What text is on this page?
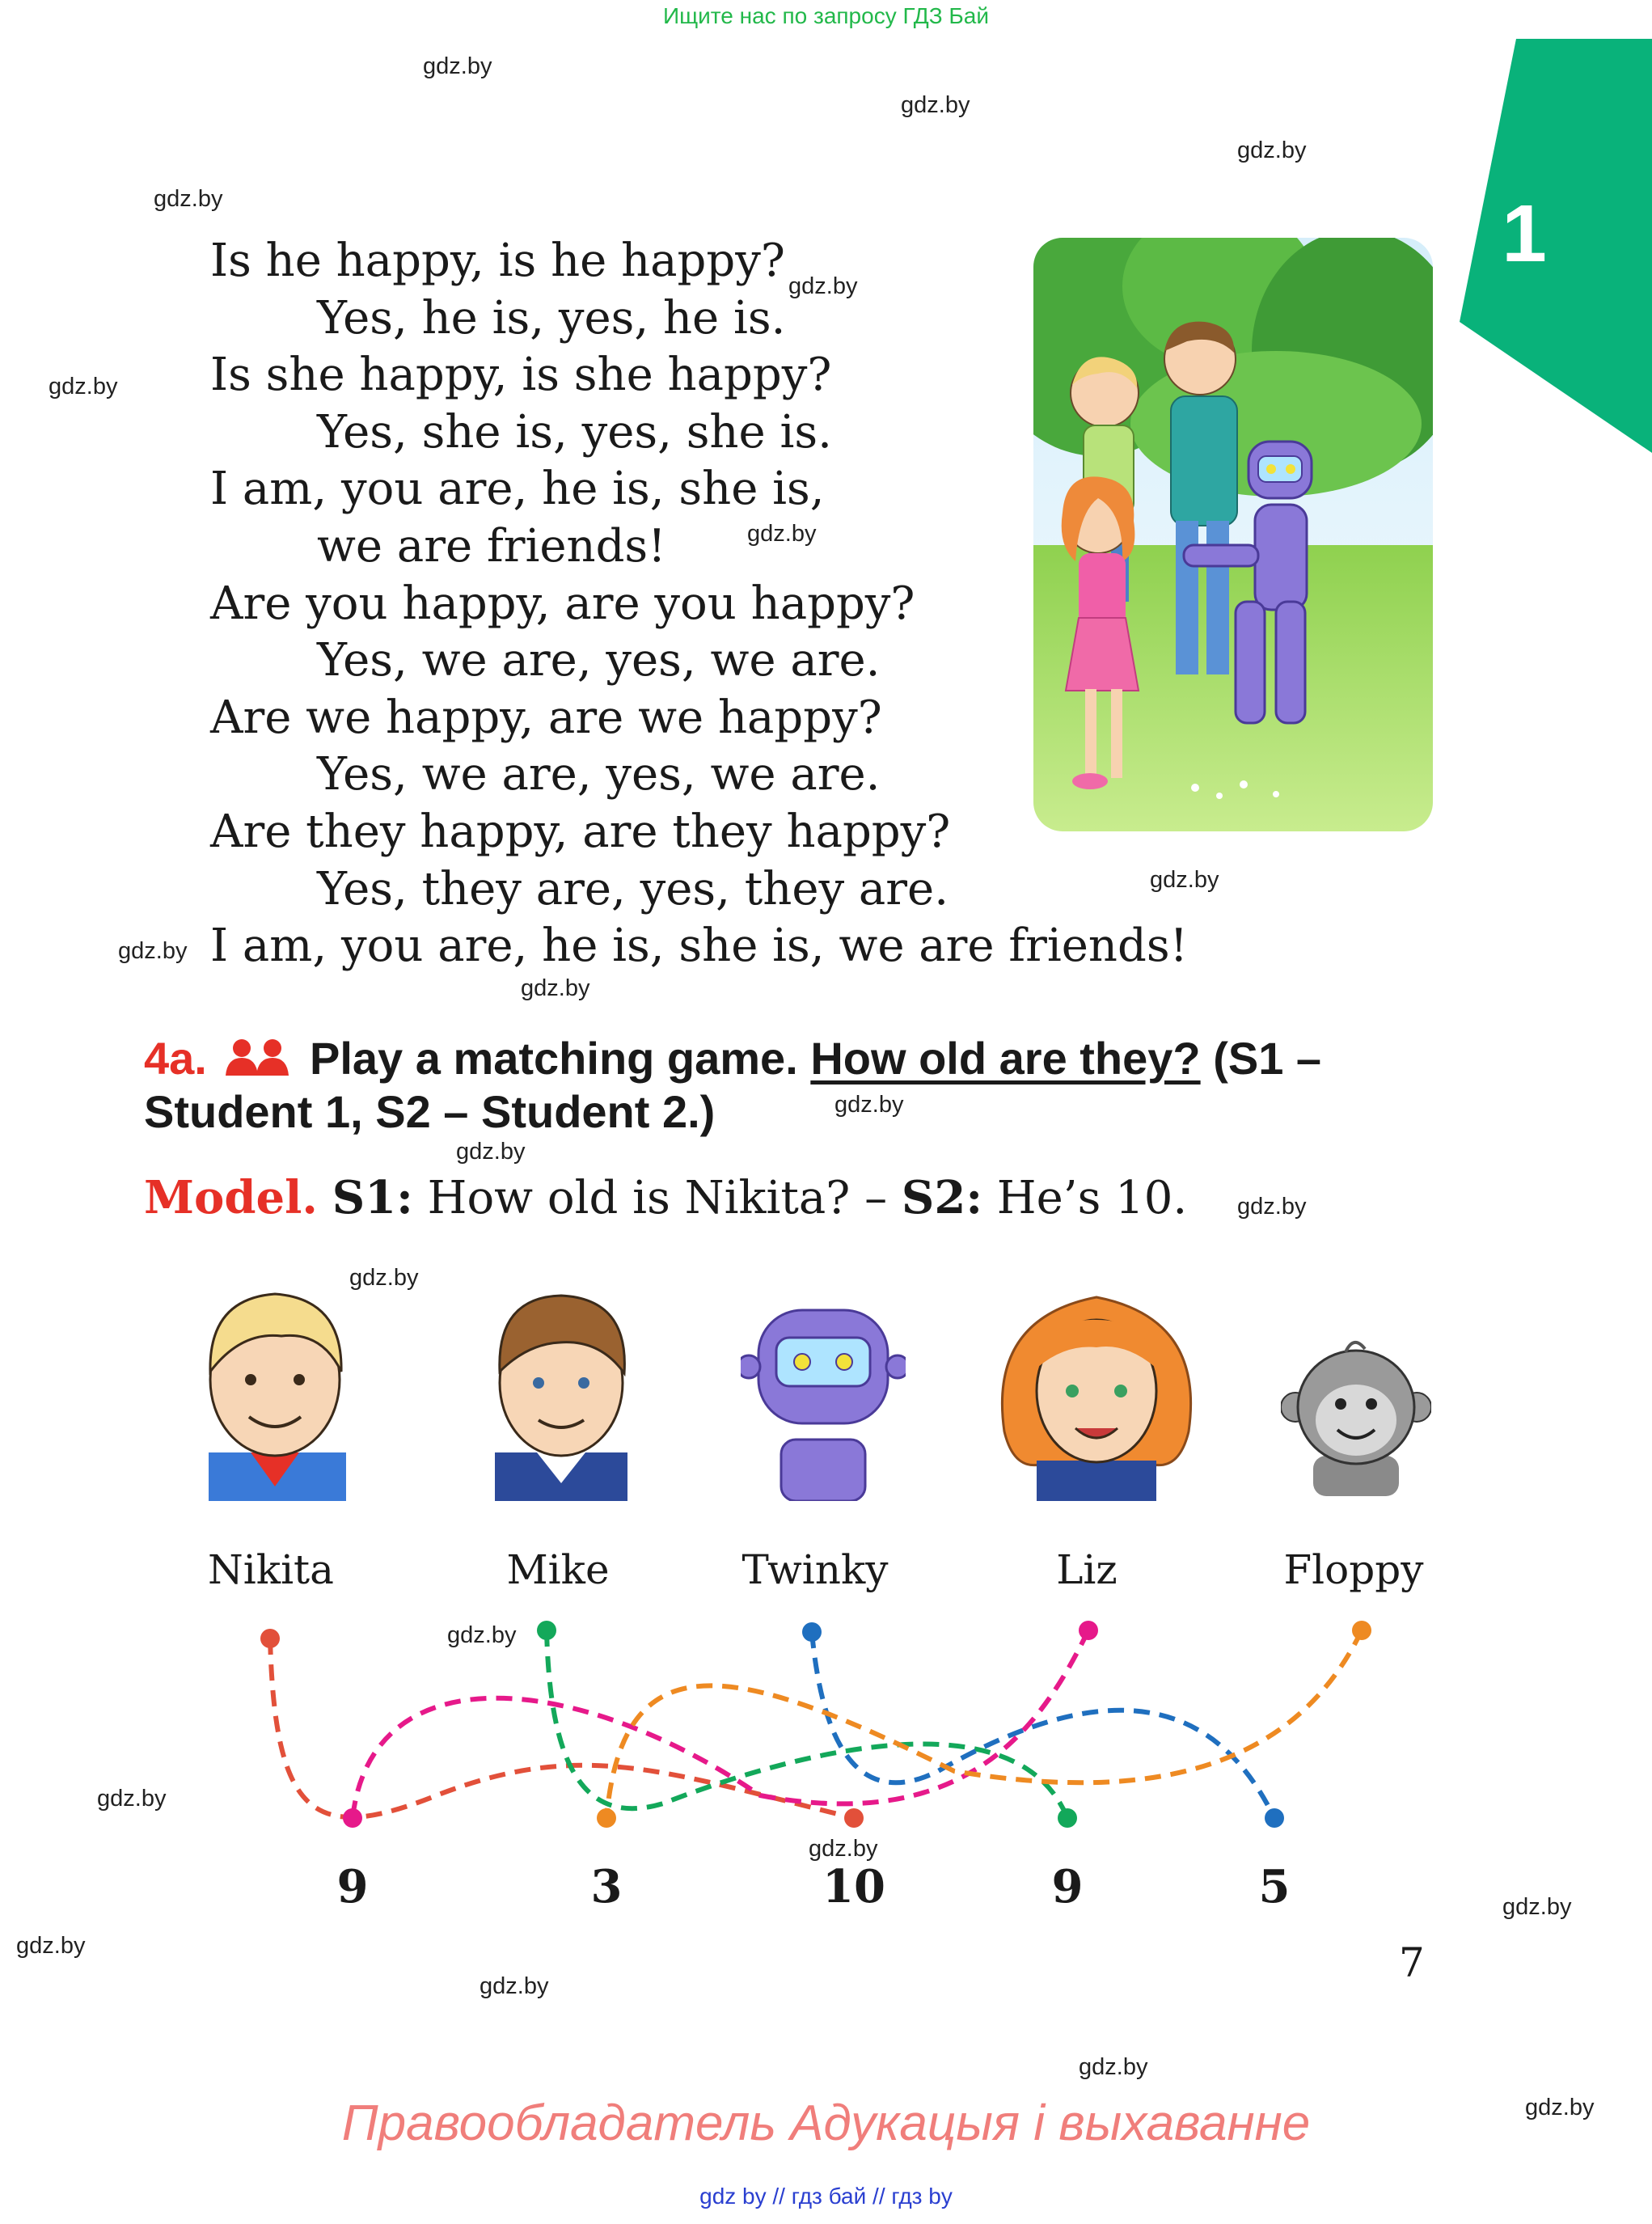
Ищите нас по запросу ГДЗ Бай
gdz.by
gdz.by
gdz.by
gdz.by
gdz.by
gdz.by
gdz.by
gdz.by
gdz.by
gdz.by
gdz.by
gdz.by
gdz.by
gdz.by
gdz.by
gdz.by
gdz.by
gdz.by
gdz.by
gdz.by
gdz.by
gdz.by
1
Is he happy, is he happy?
Yes, he is, yes, he is.
Is she happy, is she happy?
Yes, she is, yes, she is.
I am, you are, he is, she is,
we are friends!
Are you happy, are you happy?
Yes, we are, yes, we are.
Are we happy, are we happy?
Yes, we are, yes, we are.
Are they happy, are they happy?
Yes, they are, yes, they are.
I am, you are, he is, she is, we are friends!
4a. Play a matching game. How old are they? (S1 – Student 1, S2 – Student 2.)
Model. S1: How old is Nikita? – S2: He’s 10.
Nikita	Mike	Twinky	Liz	Floppy
9	3	10	9	5
7
Правообладатель Адукацыя і выхаванне
gdz by // гдз бай // гдз by
